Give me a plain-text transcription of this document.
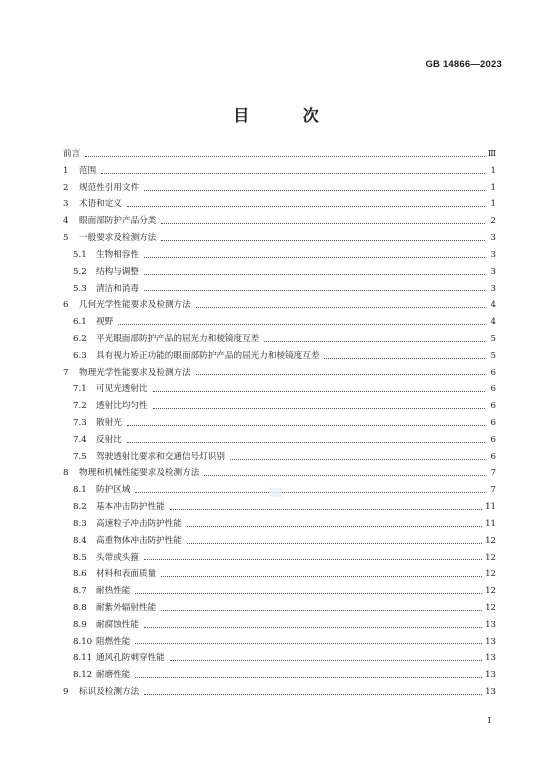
GB 14866—2023
目 次
前言	Ⅲ
1	范围	1
2	规范性引用文件	1
3	术语和定义	1
4	眼面部防护产品分类	2
5	一般要求及检测方法	3
5.1	生物相容性	3
5.2	结构与调整	3
5.3	清洁和消毒	3
6	几何光学性能要求及检测方法	4
6.1	视野	4
6.2	平光眼面部防护产品的屈光力和棱镜度互差	5
6.3	具有视力矫正功能的眼面部防护产品的屈光力和棱镜度互差	5
7	物理光学性能要求及检测方法	6
7.1	可见光透射比	6
7.2	透射比均匀性	6
7.3	散射光	6
7.4	反射比	6
7.5	驾驶透射比要求和交通信号灯识别	6
8	物理和机械性能要求及检测方法	7
8.1	防护区域	7
8.2	基本冲击防护性能	11
8.3	高速粒子冲击防护性能	11
8.4	高重物体冲击防护性能	12
8.5	头带或头箍	12
8.6	材料和表面质量	12
8.7	耐热性能	12
8.8	耐紫外辐射性能	12
8.9	耐腐蚀性能	13
8.10 阻燃性能	13
8.11 通风孔防刺穿性能	13
8.12 耐磨性能	13
9	标识及检测方法	13
I
